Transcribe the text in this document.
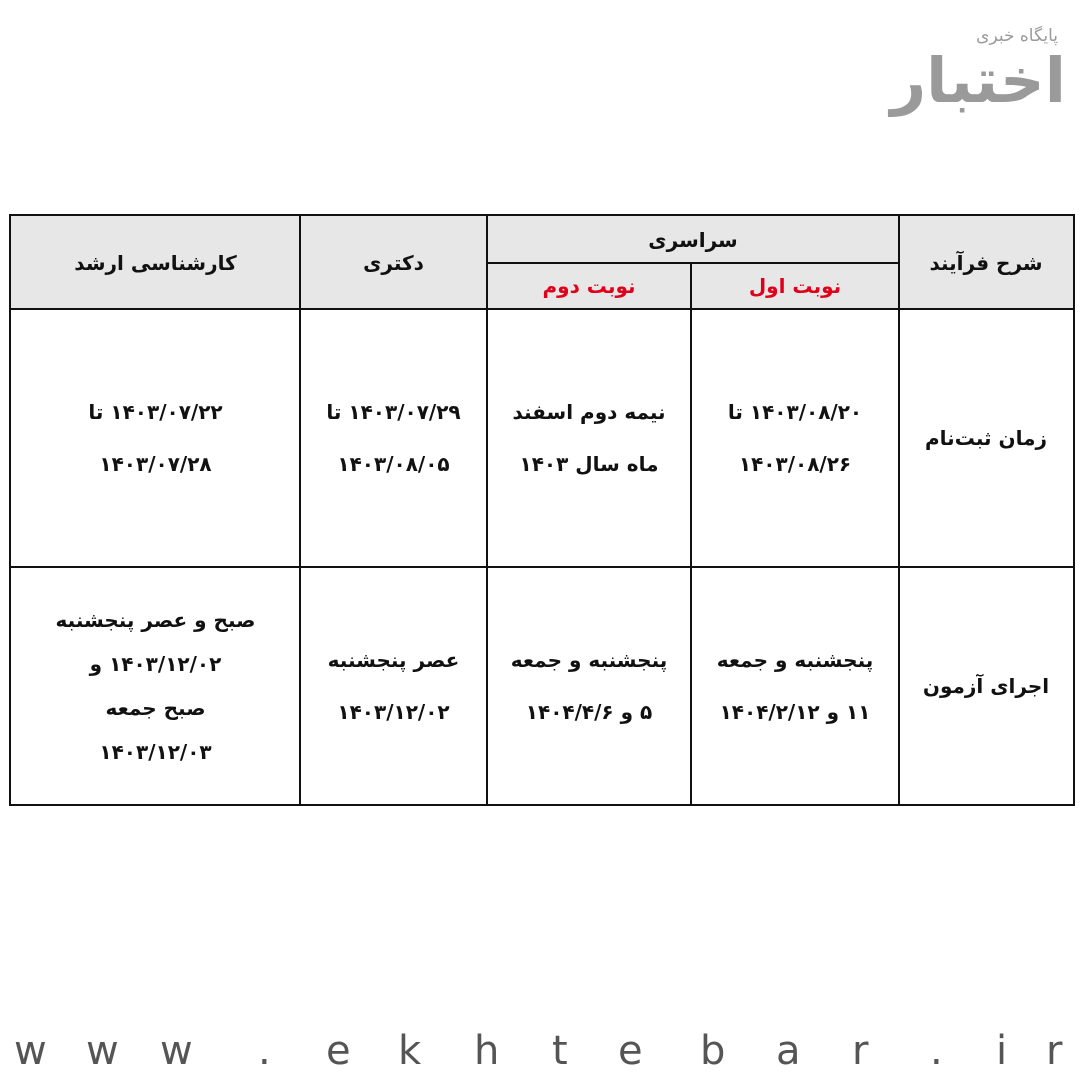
پایگاه خبری
اختبار
کارشناسی ارشد	دکتری
سراسری
نوبت دوم	نوبت اول
شرح فرآیند
۱۴۰۳/۰۷/۲۲ تا
۱۴۰۳/۰۷/۲۸
۱۴۰۳/۰۷/۲۹ تا
۱۴۰۳/۰۸/۰۵
نیمه دوم اسفند
ماه سال ۱۴۰۳
۱۴۰۳/۰۸/۲۰ تا
۱۴۰۳/۰۸/۲۶
زمان ثبت‌نام
صبح و عصر پنجشنبه
۱۴۰۳/۱۲/۰۲ و
صبح جمعه
۱۴۰۳/۱۲/۰۳
عصر پنجشنبه
۱۴۰۳/۱۲/۰۲
پنجشنبه و جمعه
۵ و ۱۴۰۴/۴/۶
پنجشنبه و جمعه
۱۱ و ۱۴۰۴/۲/۱۲
اجرای آزمون
w w w . e k h t e b a r . i r
